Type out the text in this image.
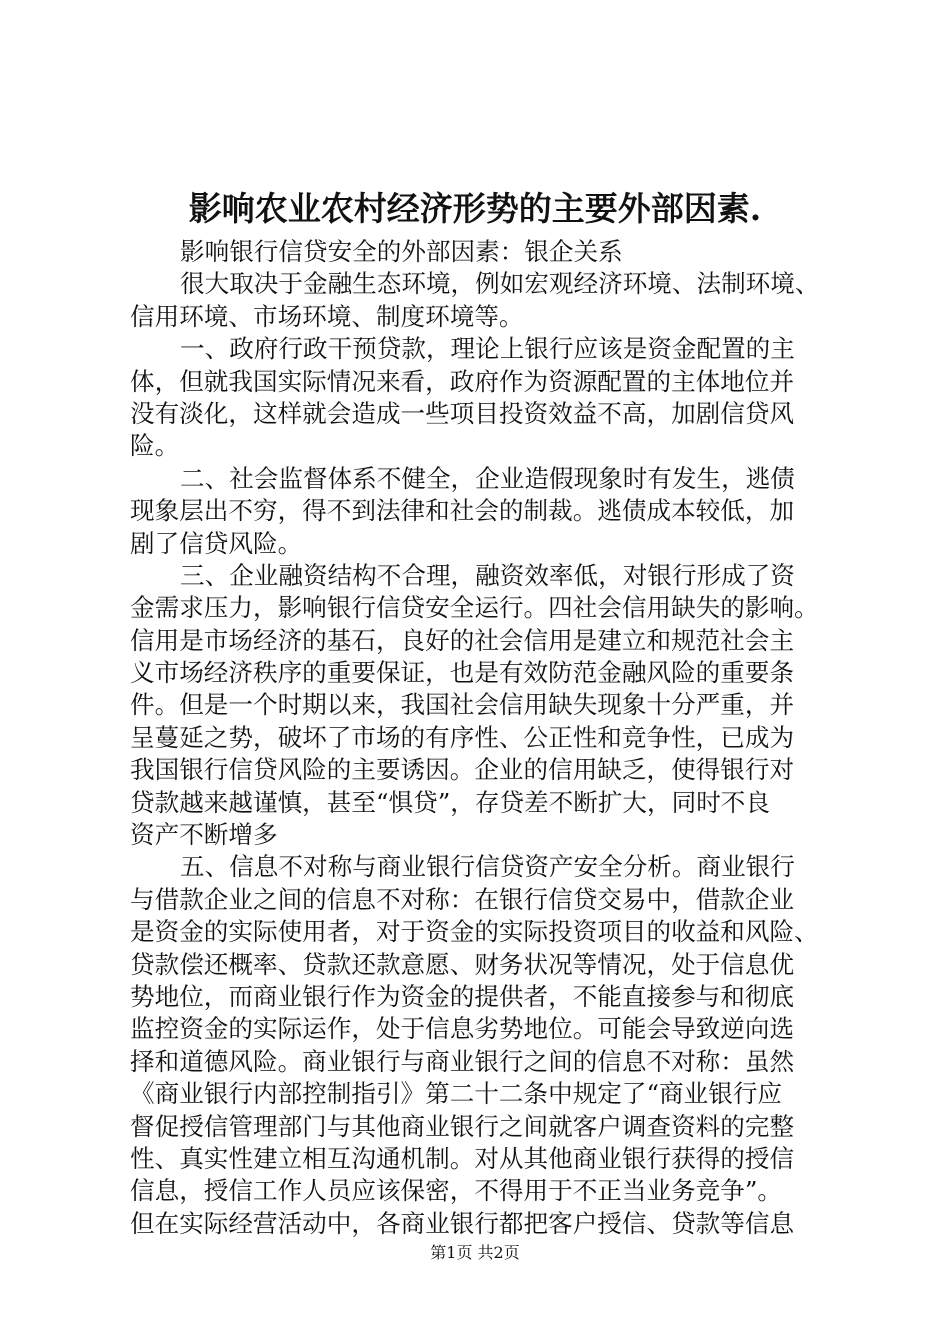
影响农业农村经济形势的主要外部因素.
影响银行信贷安全的外部因素：银企关系
很大取决于金融生态环境，例如宏观经济环境、法制环境、
信用环境、市场环境、制度环境等。
一、政府行政干预贷款，理论上银行应该是资金配置的主
体，但就我国实际情况来看，政府作为资源配置的主体地位并
没有淡化，这样就会造成一些项目投资效益不高，加剧信贷风
险。
二、社会监督体系不健全，企业造假现象时有发生，逃债
现象层出不穷，得不到法律和社会的制裁。逃债成本较低，加
剧了信贷风险。
三、企业融资结构不合理，融资效率低，对银行形成了资
金需求压力，影响银行信贷安全运行。四社会信用缺失的影响。
信用是市场经济的基石，良好的社会信用是建立和规范社会主
义市场经济秩序的重要保证，也是有效防范金融风险的重要条
件。但是一个时期以来，我国社会信用缺失现象十分严重，并
呈蔓延之势，破坏了市场的有序性、公正性和竞争性，已成为
我国银行信贷风险的主要诱因。企业的信用缺乏，使得银行对
贷款越来越谨慎，甚至“惧贷”，存贷差不断扩大，同时不良
资产不断增多
五、信息不对称与商业银行信贷资产安全分析。商业银行
与借款企业之间的信息不对称：在银行信贷交易中，借款企业
是资金的实际使用者，对于资金的实际投资项目的收益和风险、
贷款偿还概率、贷款还款意愿、财务状况等情况，处于信息优
势地位，而商业银行作为资金的提供者，不能直接参与和彻底
监控资金的实际运作，处于信息劣势地位。可能会导致逆向选
择和道德风险。商业银行与商业银行之间的信息不对称：虽然
《商业银行内部控制指引》第二十二条中规定了“商业银行应
督促授信管理部门与其他商业银行之间就客户调查资料的完整
性、真实性建立相互沟通机制。对从其他商业银行获得的授信
信息，授信工作人员应该保密，不得用于不正当业务竞争”。
但在实际经营活动中，各商业银行都把客户授信、贷款等信息
第1页 共2页
